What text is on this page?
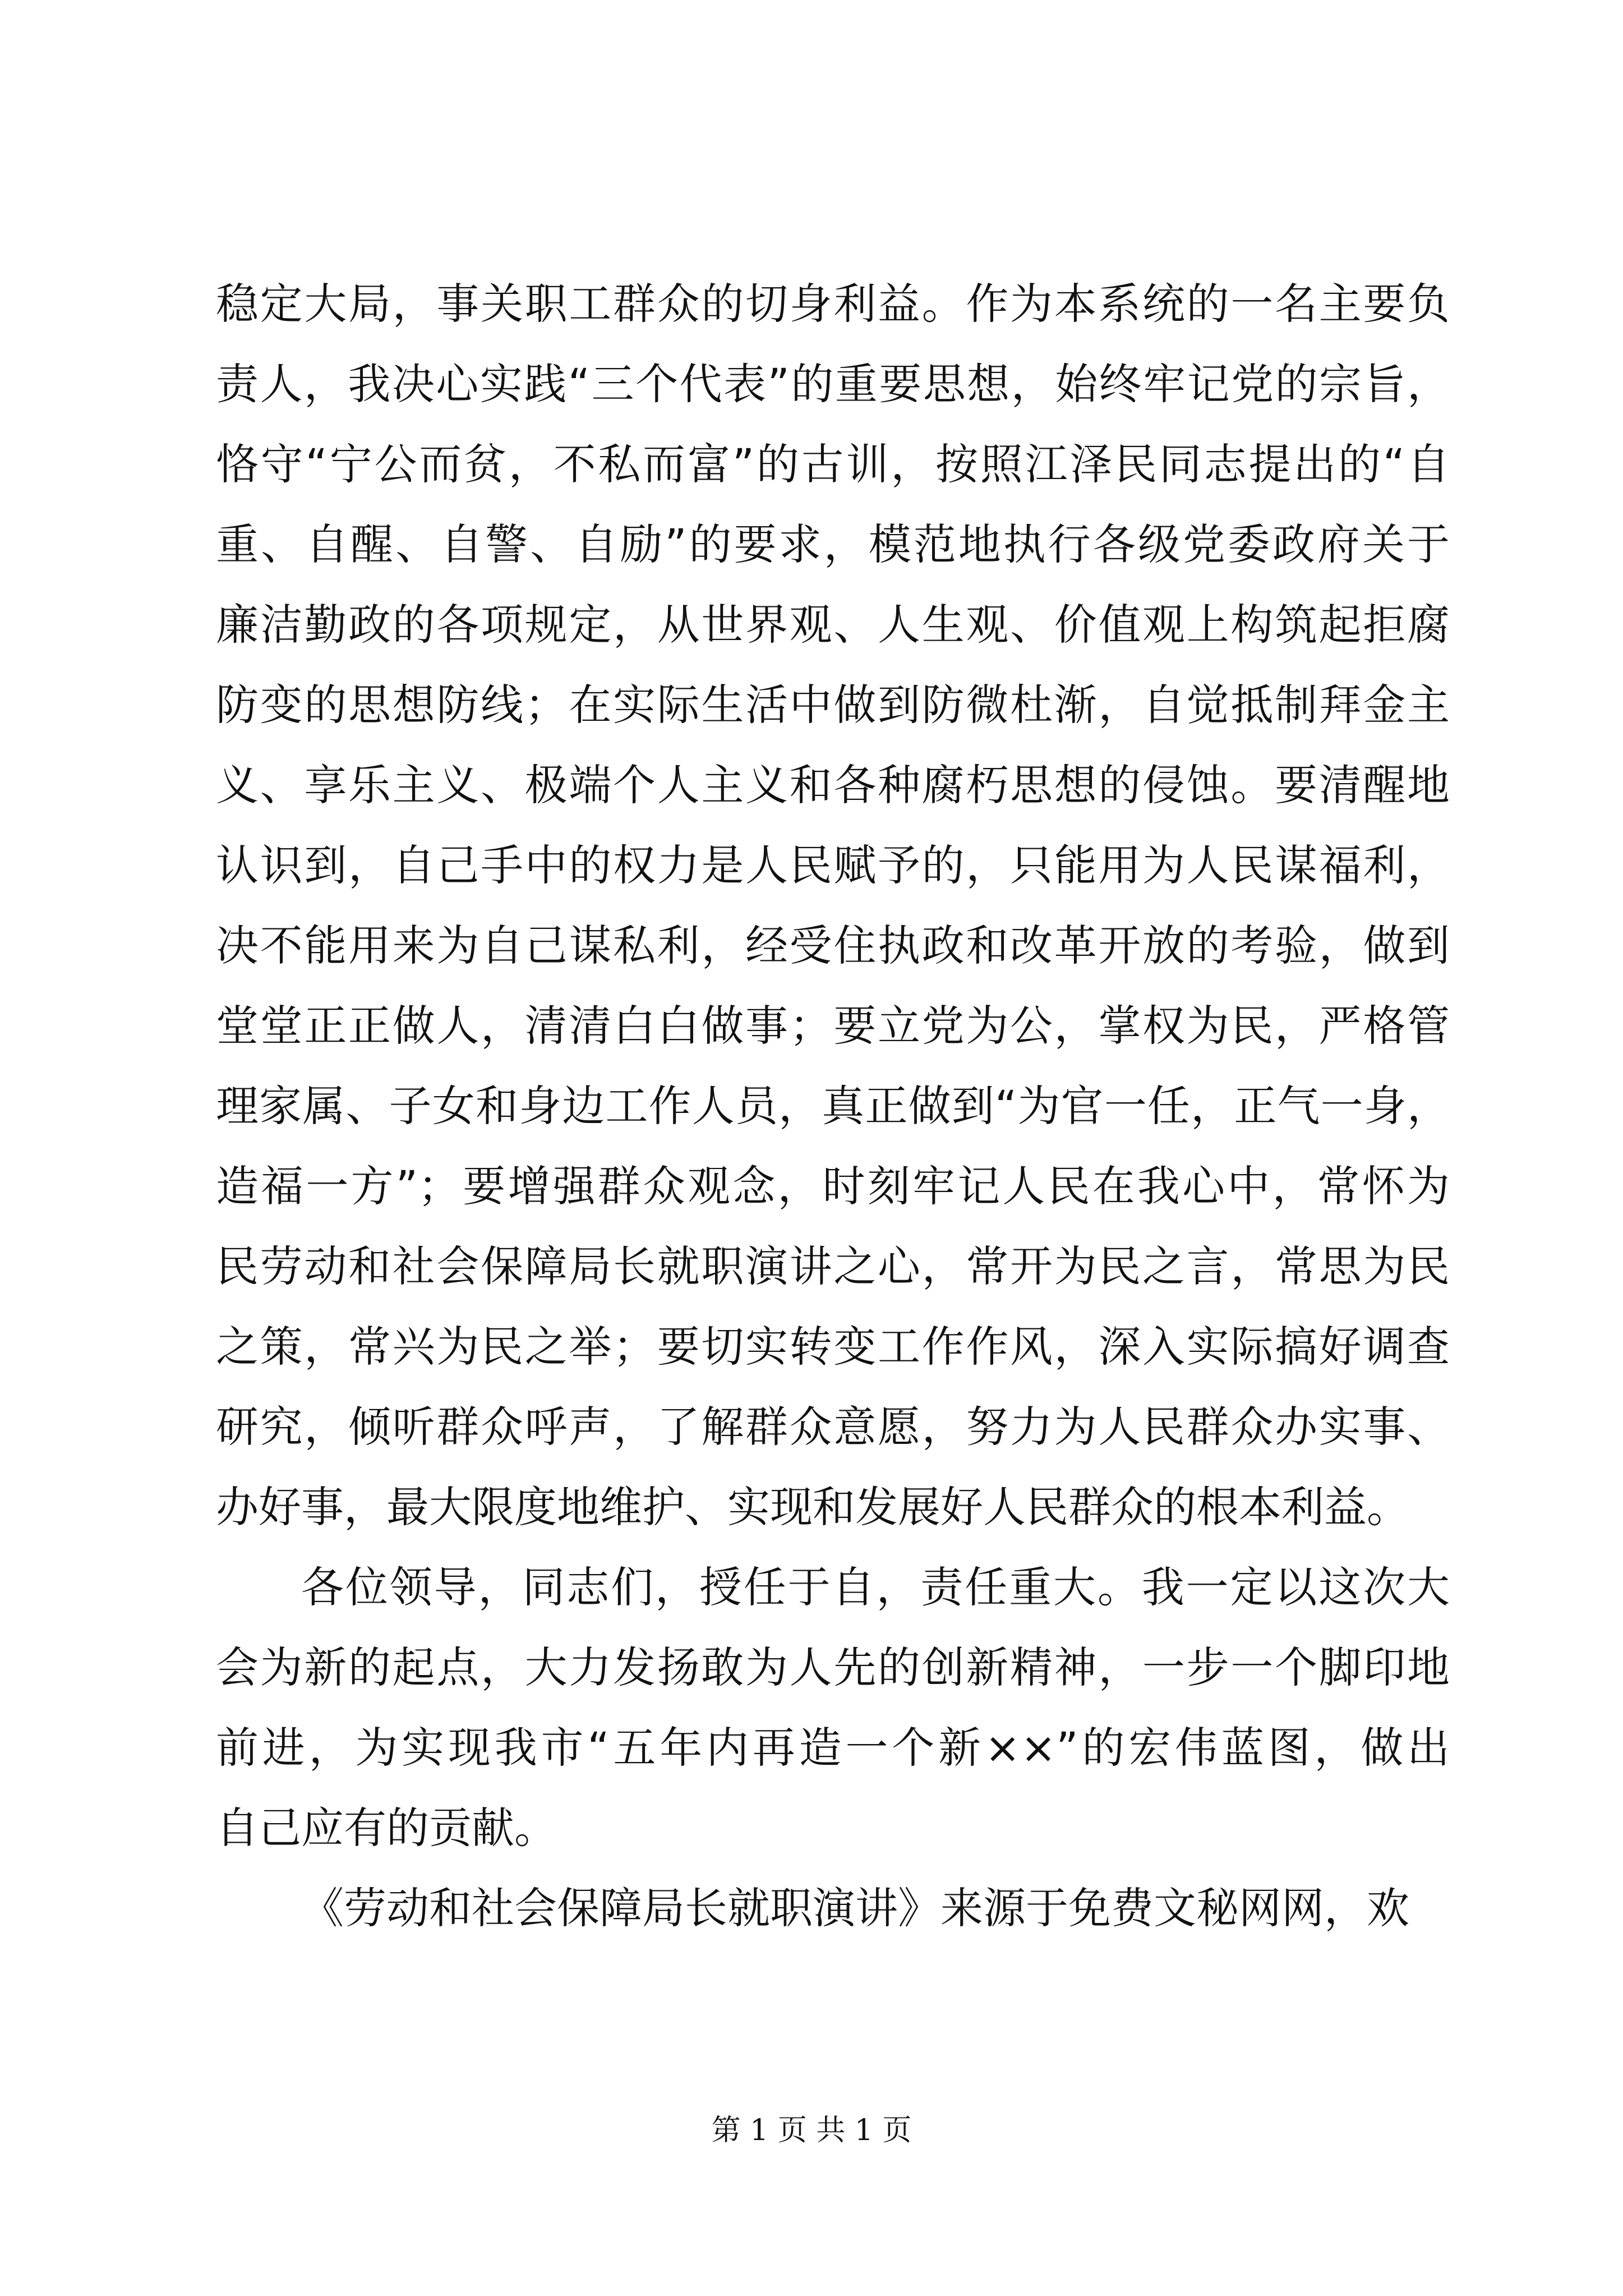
稳定大局，事关职工群众的切身利益。作为本系统的一名主要负
责人，我决心实践“三个代表”的重要思想，始终牢记党的宗旨，
恪守“宁公而贫，不私而富”的古训，按照江泽民同志提出的“自
重、自醒、自警、自励”的要求，模范地执行各级党委政府关于
廉洁勤政的各项规定，从世界观、人生观、价值观上构筑起拒腐
防变的思想防线；在实际生活中做到防微杜渐，自觉抵制拜金主
义、享乐主义、极端个人主义和各种腐朽思想的侵蚀。要清醒地
认识到，自己手中的权力是人民赋予的，只能用为人民谋福利，
决不能用来为自己谋私利，经受住执政和改革开放的考验，做到
堂堂正正做人，清清白白做事；要立党为公，掌权为民，严格管
理家属、子女和身边工作人员，真正做到“为官一任，正气一身，
造福一方”；要增强群众观念，时刻牢记人民在我心中，常怀为
民劳动和社会保障局长就职演讲之心，常开为民之言，常思为民
之策，常兴为民之举；要切实转变工作作风，深入实际搞好调查
研究，倾听群众呼声，了解群众意愿，努力为人民群众办实事、
办好事，最大限度地维护、实现和发展好人民群众的根本利益。
各位领导，同志们，授任于自，责任重大。我一定以这次大
会为新的起点，大力发扬敢为人先的创新精神，一步一个脚印地
前进，为实现我市“五年内再造一个新××”的宏伟蓝图，做出
自己应有的贡献。
《劳动和社会保障局长就职演讲》来源于免费文秘网网，欢
第 1 页 共 1 页
